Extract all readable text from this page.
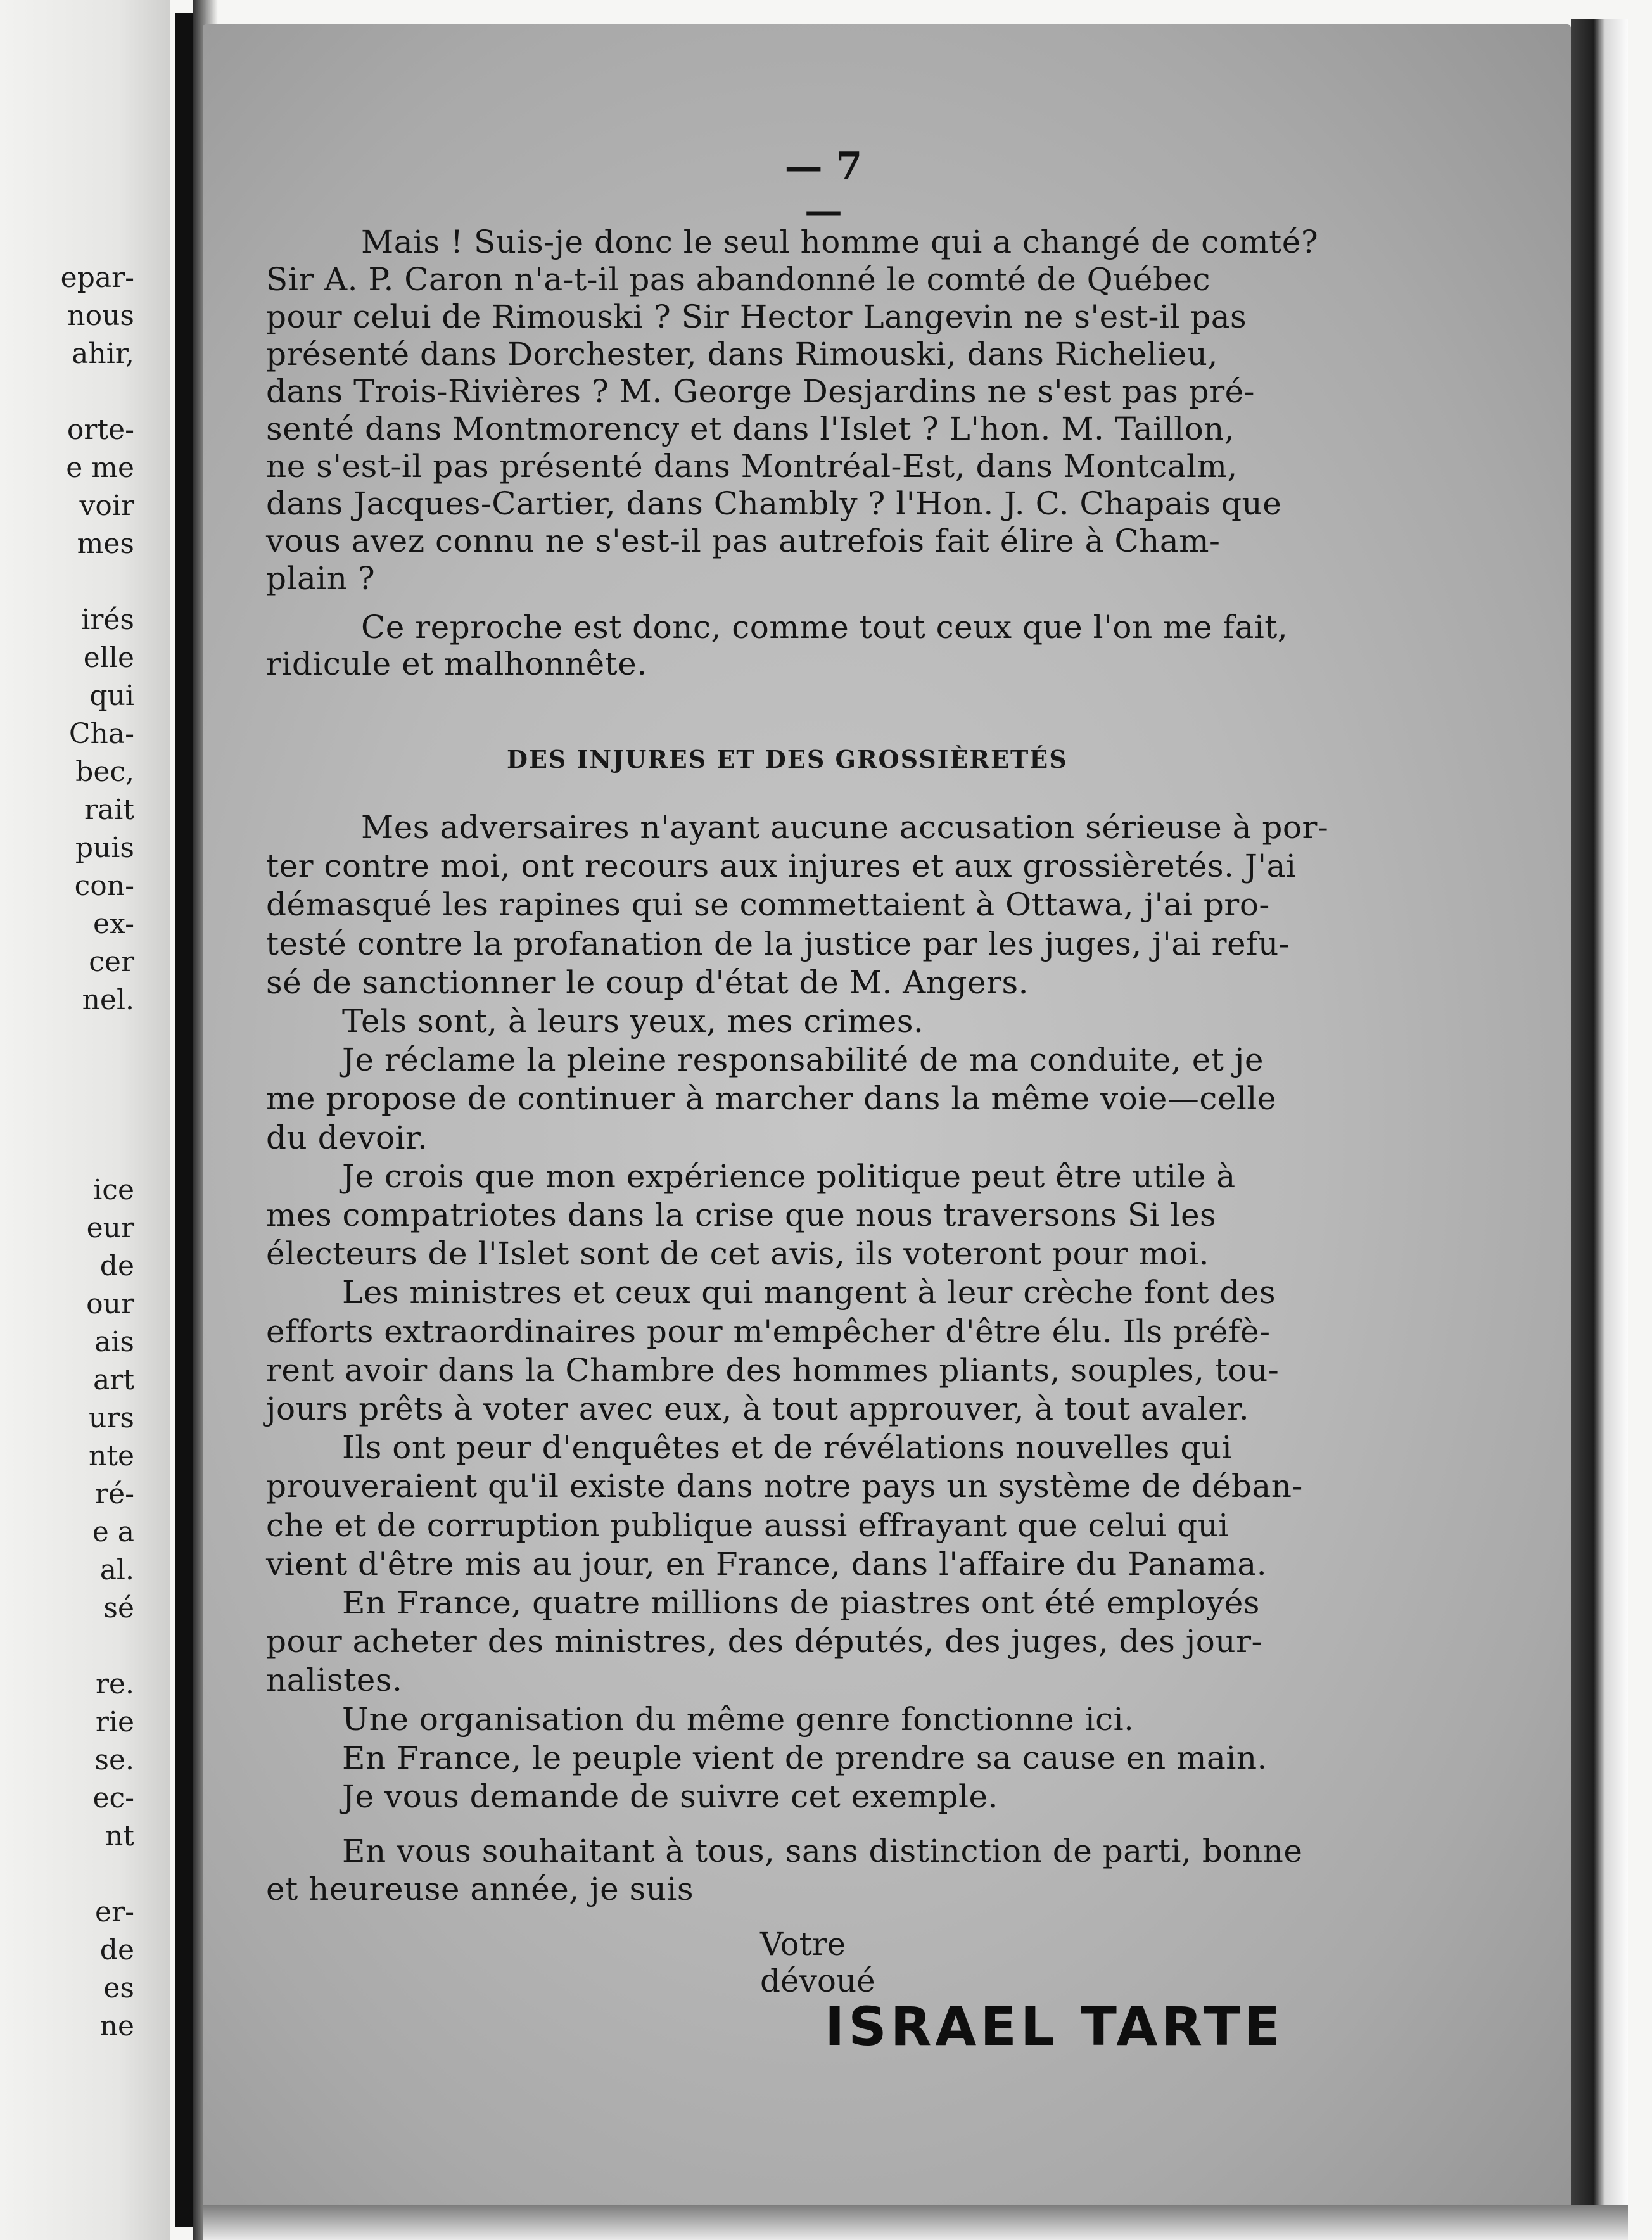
epar-
nous
ahir,
orte-
e me
voir
mes
irés
elle
qui
Cha-
bec,
rait
puis
con-
ex-
cer
nel.
ice
eur
de
our
ais
art
urs
nte
ré-
e a
al.
sé
re.
rie
se.
ec-
nt
er-
de
es
ne
— 7 —
Mais ! Suis-je donc le seul homme qui a changé de comté?
Sir A. P. Caron n'a-t-il pas abandonné le comté de Québec
pour celui de Rimouski ? Sir Hector Langevin ne s'est-il pas
présenté dans Dorchester, dans Rimouski, dans Richelieu,
dans Trois-Rivières ? M. George Desjardins ne s'est pas pré-
senté dans Montmorency et dans l'Islet ? L'hon. M. Taillon,
ne s'est-il pas présenté dans Montréal-Est, dans Montcalm,
dans Jacques-Cartier, dans Chambly ? l'Hon. J. C. Chapais que
vous avez connu ne s'est-il pas autrefois fait élire à Cham-
plain ?
Ce reproche est donc, comme tout ceux que l'on me fait,
ridicule et malhonnête.
DES INJURES ET DES GROSSIÈRETÉS
Mes adversaires n'ayant aucune accusation sérieuse à por-
ter contre moi, ont recours aux injures et aux grossièretés. J'ai
démasqué les rapines qui se commettaient à Ottawa, j'ai pro-
testé contre la profanation de la justice par les juges, j'ai refu-
sé de sanctionner le coup d'état de M. Angers.
Tels sont, à leurs yeux, mes crimes.
Je réclame la pleine responsabilité de ma conduite, et je
me propose de continuer à marcher dans la même voie—celle
du devoir.
Je crois que mon expérience politique peut être utile à
mes compatriotes dans la crise que nous traversons Si les
électeurs de l'Islet sont de cet avis, ils voteront pour moi.
Les ministres et ceux qui mangent à leur crèche font des
efforts extraordinaires pour m'empêcher d'être élu. Ils préfè-
rent avoir dans la Chambre des hommes pliants, souples, tou-
jours prêts à voter avec eux, à tout approuver, à tout avaler.
Ils ont peur d'enquêtes et de révélations nouvelles qui
prouveraient qu'il existe dans notre pays un système de déban-
che et de corruption publique aussi effrayant que celui qui
vient d'être mis au jour, en France, dans l'affaire du Panama.
En France, quatre millions de piastres ont été employés
pour acheter des ministres, des députés, des juges, des jour-
nalistes.
Une organisation du même genre fonctionne ici.
En France, le peuple vient de prendre sa cause en main.
Je vous demande de suivre cet exemple.
En vous souhaitant à tous, sans distinction de parti, bonne
et heureuse année, je suis
Votre dévoué
ISRAEL TARTE
